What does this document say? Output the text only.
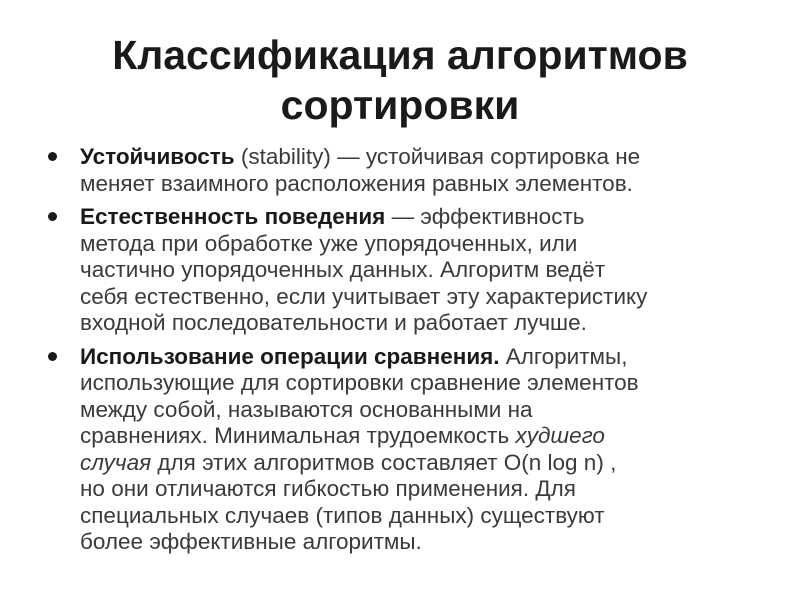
Классификация алгоритмов
сортировки
Устойчивость (stability) — устойчивая сортировка не
меняет взаимного расположения равных элементов.
Естественность поведения — эффективность
метода при обработке уже упорядоченных, или
частично упорядоченных данных. Алгоритм ведёт
себя естественно, если учитывает эту характеристику
входной последовательности и работает лучше.
Использование операции сравнения. Алгоритмы,
использующие для сортировки сравнение элементов
между собой, называются основанными на
сравнениях. Минимальная трудоемкость худшего
случая для этих алгоритмов составляет O(n log n) ,
но они отличаются гибкостью применения. Для
специальных случаев (типов данных) существуют
более эффективные алгоритмы.
